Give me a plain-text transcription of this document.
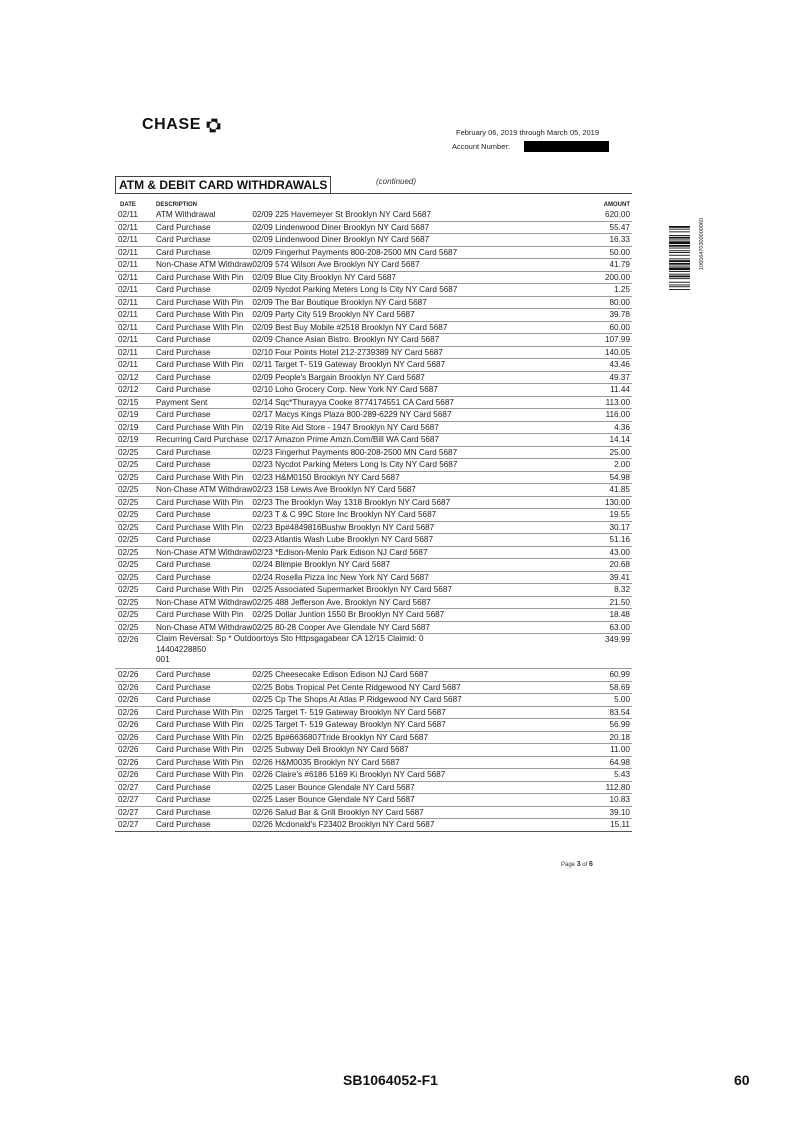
CHASE	February 06, 2019 through March 05, 2019
Account Number:
ATM & DEBIT CARD WITHDRAWALS	(continued)
DATE	DESCRIPTION		AMOUNT
02/11	ATM Withdrawal	02/09 225 Havemeyer St Brooklyn NY Card 5687	620.00
02/11	Card Purchase	02/09 Lindenwood Diner Brooklyn NY Card 5687	55.47
02/11	Card Purchase	02/09 Lindenwood Diner Brooklyn NY Card 5687	16.33
02/11	Card Purchase	02/09 Fingerhut Payments 800-208-2500 MN Card 5687	50.00
02/11	Non-Chase ATM Withdraw	02/09 574 Wilson Ave Brooklyn NY Card 5687	41.79
02/11	Card Purchase With Pin	02/09 Blue City Brooklyn NY Card 5687	200.00
02/11	Card Purchase	02/09 Nycdot Parking Meters Long Is City NY Card 5687	1.25
02/11	Card Purchase With Pin	02/09 The Bar Boutique Brooklyn NY Card 5687	80.00
02/11	Card Purchase With Pin	02/09 Party City 519 Brooklyn NY Card 5687	39.78
02/11	Card Purchase With Pin	02/09 Best Buy Mobile #2518 Brooklyn NY Card 5687	60.00
02/11	Card Purchase	02/09 Chance Asian Bistro. Brooklyn NY Card 5687	107.99
02/11	Card Purchase	02/10 Four Points Hotel 212-2739389 NY Card 5687	140.05
02/11	Card Purchase With Pin	02/11 Target T- 519 Gateway Brooklyn NY Card 5687	43.46
02/12	Card Purchase	02/09 People's Bargain Brooklyn NY Card 5687	49.37
02/12	Card Purchase	02/10 Loho Grocery Corp. New York NY Card 5687	11.44
02/15	Payment Sent	02/14 Sqc*Thurayya Cooke 8774174551 CA Card 5687	113.00
02/19	Card Purchase	02/17 Macys Kings Plaza 800-289-6229 NY Card 5687	116.00
02/19	Card Purchase With Pin	02/19 Rite Aid Store - 1947 Brooklyn NY Card 5687	4.36
02/19	Recurring Card Purchase	02/17 Amazon Prime Amzn.Com/Bill WA Card 5687	14.14
02/25	Card Purchase	02/23 Fingerhut Payments 800-208-2500 MN Card 5687	25.00
02/25	Card Purchase	02/23 Nycdot Parking Meters Long Is City NY Card 5687	2.00
02/25	Card Purchase With Pin	02/23 H&M0150 Brooklyn NY Card 5687	54.98
02/25	Non-Chase ATM Withdraw	02/23 158 Lewis Ave Brooklyn NY Card 5687	41.85
02/25	Card Purchase With Pin	02/23 The Brooklyn Way 1318 Brooklyn NY Card 5687	130.00
02/25	Card Purchase	02/23 T & C 99C Store Inc Brooklyn NY Card 5687	19.55
02/25	Card Purchase With Pin	02/23 Bp#4849816Bushw Brooklyn NY Card 5687	30.17
02/25	Card Purchase	02/23 Atlantis Wash Lube Brooklyn NY Card 5687	51.16
02/25	Non-Chase ATM Withdraw	02/23 *Edison-Menlo Park Edison NJ Card 5687	43.00
02/25	Card Purchase	02/24 Blimpie Brooklyn NY Card 5687	20.68
02/25	Card Purchase	02/24 Rosella Pizza Inc New York NY Card 5687	39.41
02/25	Card Purchase With Pin	02/25 Associated Supermarket Brooklyn NY Card 5687	8.32
02/25	Non-Chase ATM Withdraw	02/25 488 Jefferson Ave. Brooklyn NY Card 5687	21.50
02/25	Card Purchase With Pin	02/25 Dollar Juntion 1550 Br Brooklyn NY Card 5687	18.48
02/25	Non-Chase ATM Withdraw	02/25 80-28 Cooper Ave Glendale NY Card 5687	63.00
02/26	Claim Reversal: Sp * Outdoortoys Sto Httpsgagabear CA 12/15 Claimid: 0
14404228850
001		349.99
02/26	Card Purchase	02/25 Cheesecake Edison Edison NJ Card 5687	60.99
02/26	Card Purchase	02/25 Bobs Tropical Pet Cente Ridgewood NY Card 5687	58.69
02/26	Card Purchase	02/25 Cp The Shops At Atlas P Ridgewood NY Card 5687	5.00
02/26	Card Purchase With Pin	02/25 Target T- 519 Gateway Brooklyn NY Card 5687	83.54
02/26	Card Purchase With Pin	02/25 Target T- 519 Gateway Brooklyn NY Card 5687	56.99
02/26	Card Purchase With Pin	02/25 Bp#6636807Tride Brooklyn NY Card 5687	20.18
02/26	Card Purchase With Pin	02/25 Subway Deli Brooklyn NY Card 5687	11.00
02/26	Card Purchase With Pin	02/26 H&M0035 Brooklyn NY Card 5687	64.98
02/26	Card Purchase With Pin	02/26 Claire's #6186 5169 Ki Brooklyn NY Card 5687	5.43
02/27	Card Purchase	02/25 Laser Bounce Glendale NY Card 5687	112.80
02/27	Card Purchase	02/25 Laser Bounce Glendale NY Card 5687	10.83
02/27	Card Purchase	02/26 Salud Bar & Grill Brooklyn NY Card 5687	39.10
02/27	Card Purchase	02/26 Mcdonald's F23402 Brooklyn NY Card 5687	15.11
10656470300000060
Page 3 of 6
SB1064052-F1	60
